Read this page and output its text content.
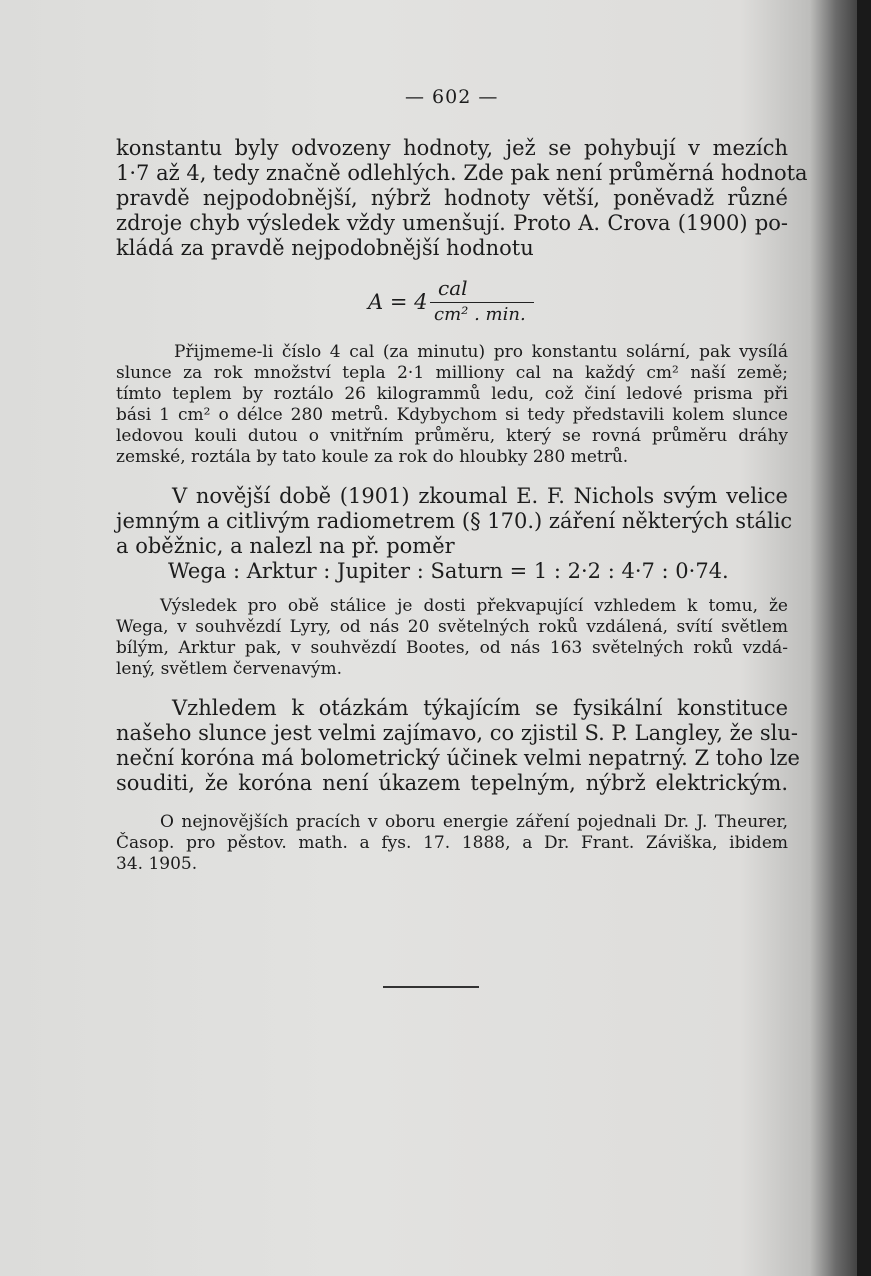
— 602 —
konstantu byly odvozeny hodnoty, jež se pohybují v mezích
1·7 až 4, tedy značně odlehlých. Zde pak není průměrná hodnota
pravdě nejpodobnější, nýbrž hodnoty větší, poněvadž různé
zdroje chyb výsledek vždy umenšují. Proto A. Crova (1900) po-
kládá za pravdě nejpodobnější hodnotu
A = 4
cal
cm² . min.
Přijmeme-li číslo 4 cal (za minutu) pro konstantu solární, pak vysílá
slunce za rok množství tepla 2·1 milliony cal na každý cm² naší země;
tímto teplem by roztálo 26 kilogrammů ledu, což činí ledové prisma při
bási 1 cm² o délce 280 metrů. Kdybychom si tedy představili kolem slunce
ledovou kouli dutou o vnitřním průměru, který se rovná průměru dráhy
zemské, roztála by tato koule za rok do hloubky 280 metrů.
V novější době (1901) zkoumal E. F. Nichols svým velice
jemným a citlivým radiometrem (§ 170.) záření některých stálic
a oběžnic, a nalezl na př. poměr
Wega : Arktur : Jupiter : Saturn = 1 : 2·2 : 4·7 : 0·74.
Výsledek pro obě stálice je dosti překvapující vzhledem k tomu, že
Wega, v souhvězdí Lyry, od nás 20 světelných roků vzdálená, svítí světlem
bílým, Arktur pak, v souhvězdí Bootes, od nás 163 světelných roků vzdá-
lený, světlem červenavým.
Vzhledem k otázkám týkajícím se fysikální konstituce
našeho slunce jest velmi zajímavo, co zjistil S. P. Langley, že slu-
neční koróna má bolometrický účinek velmi nepatrný. Z toho lze
souditi, že koróna není úkazem tepelným, nýbrž elektrickým.
O nejnovějších pracích v oboru energie záření pojednali Dr. J. Theurer,
Časop. pro pěstov. math. a fys. 17. 1888, a Dr. Frant. Záviška, ibidem
34. 1905.
